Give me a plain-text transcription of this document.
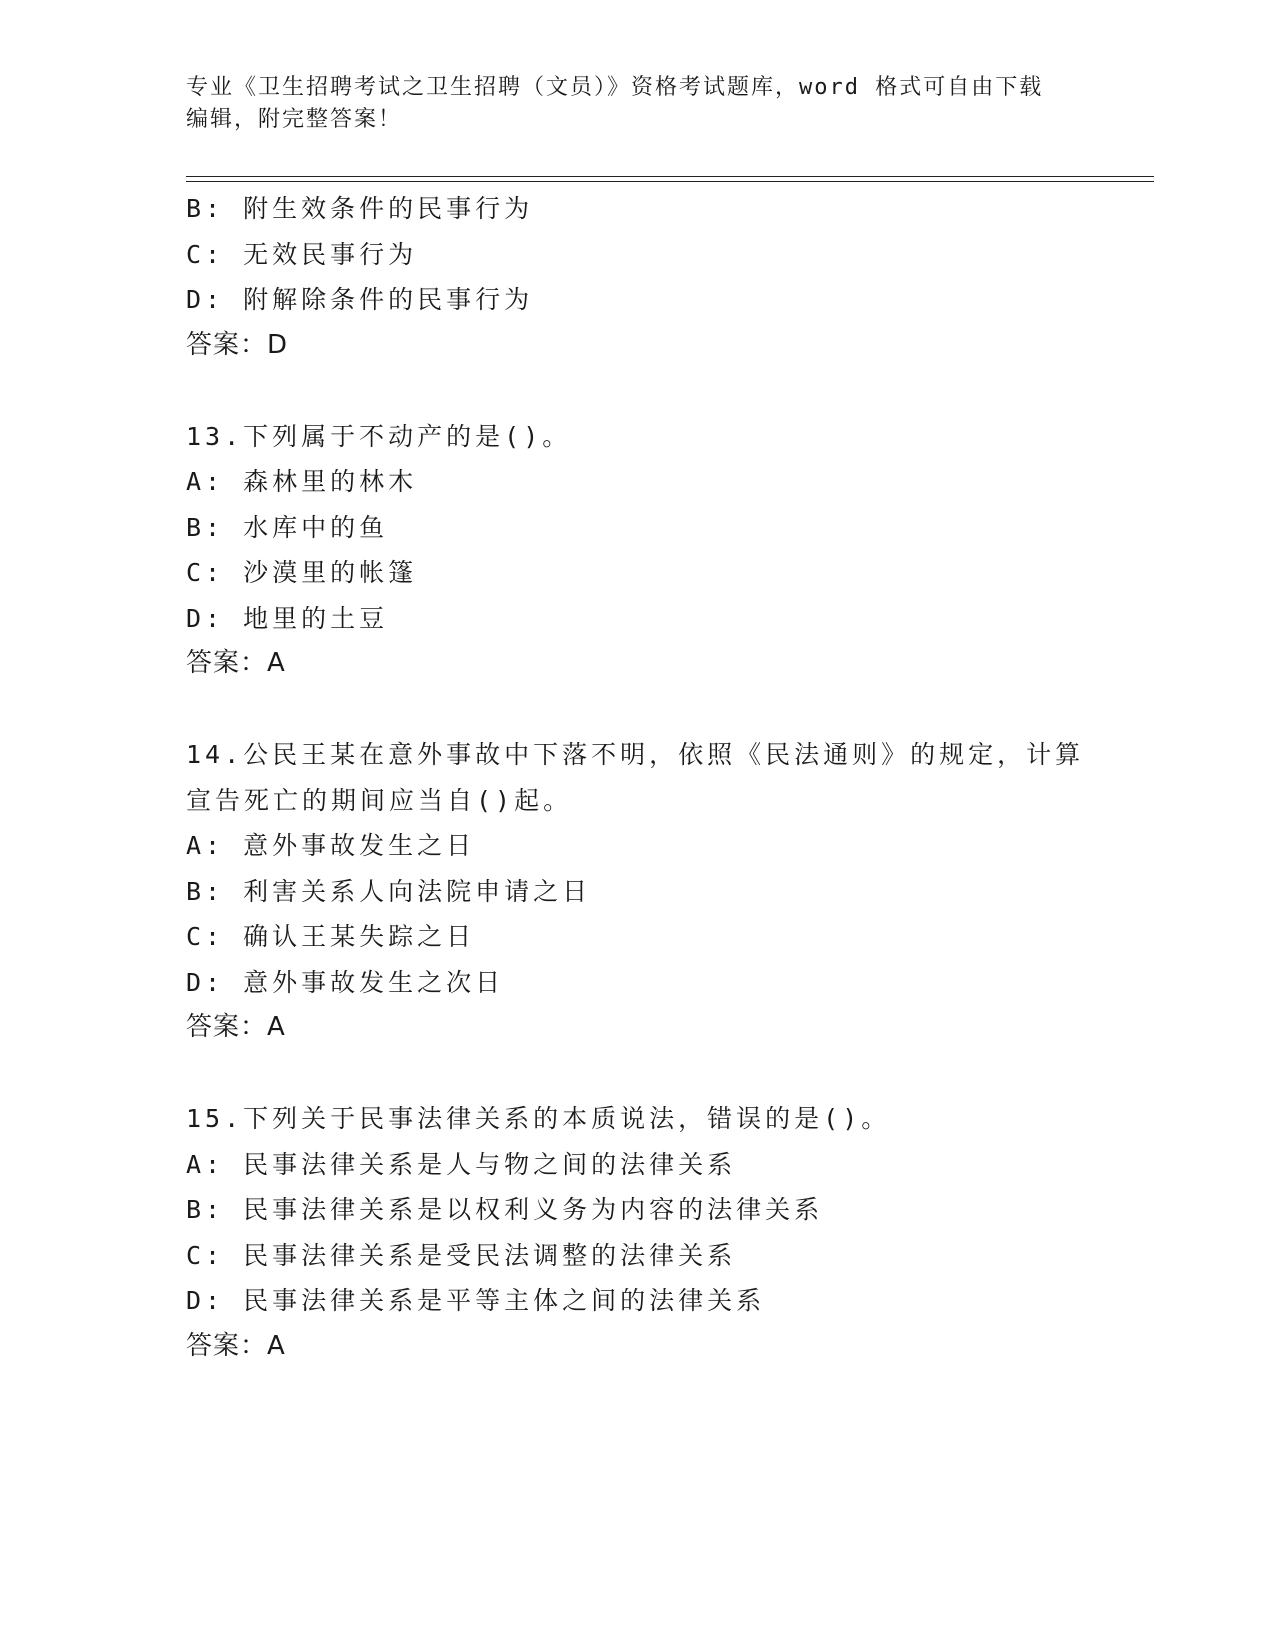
专业《卫生招聘考试之卫生招聘（文员）》资格考试题库，word 格式可自由下载
编辑，附完整答案！
B: 附生效条件的民事行为
C: 无效民事行为
D: 附解除条件的民事行为
答案：D
13.下列属于不动产的是()。
A: 森林里的林木
B: 水库中的鱼
C: 沙漠里的帐篷
D: 地里的土豆
答案：A
14.公民王某在意外事故中下落不明，依照《民法通则》的规定，计算
宣告死亡的期间应当自()起。
A: 意外事故发生之日
B: 利害关系人向法院申请之日
C: 确认王某失踪之日
D: 意外事故发生之次日
答案：A
15.下列关于民事法律关系的本质说法，错误的是()。
A: 民事法律关系是人与物之间的法律关系
B: 民事法律关系是以权利义务为内容的法律关系
C: 民事法律关系是受民法调整的法律关系
D: 民事法律关系是平等主体之间的法律关系
答案：A
